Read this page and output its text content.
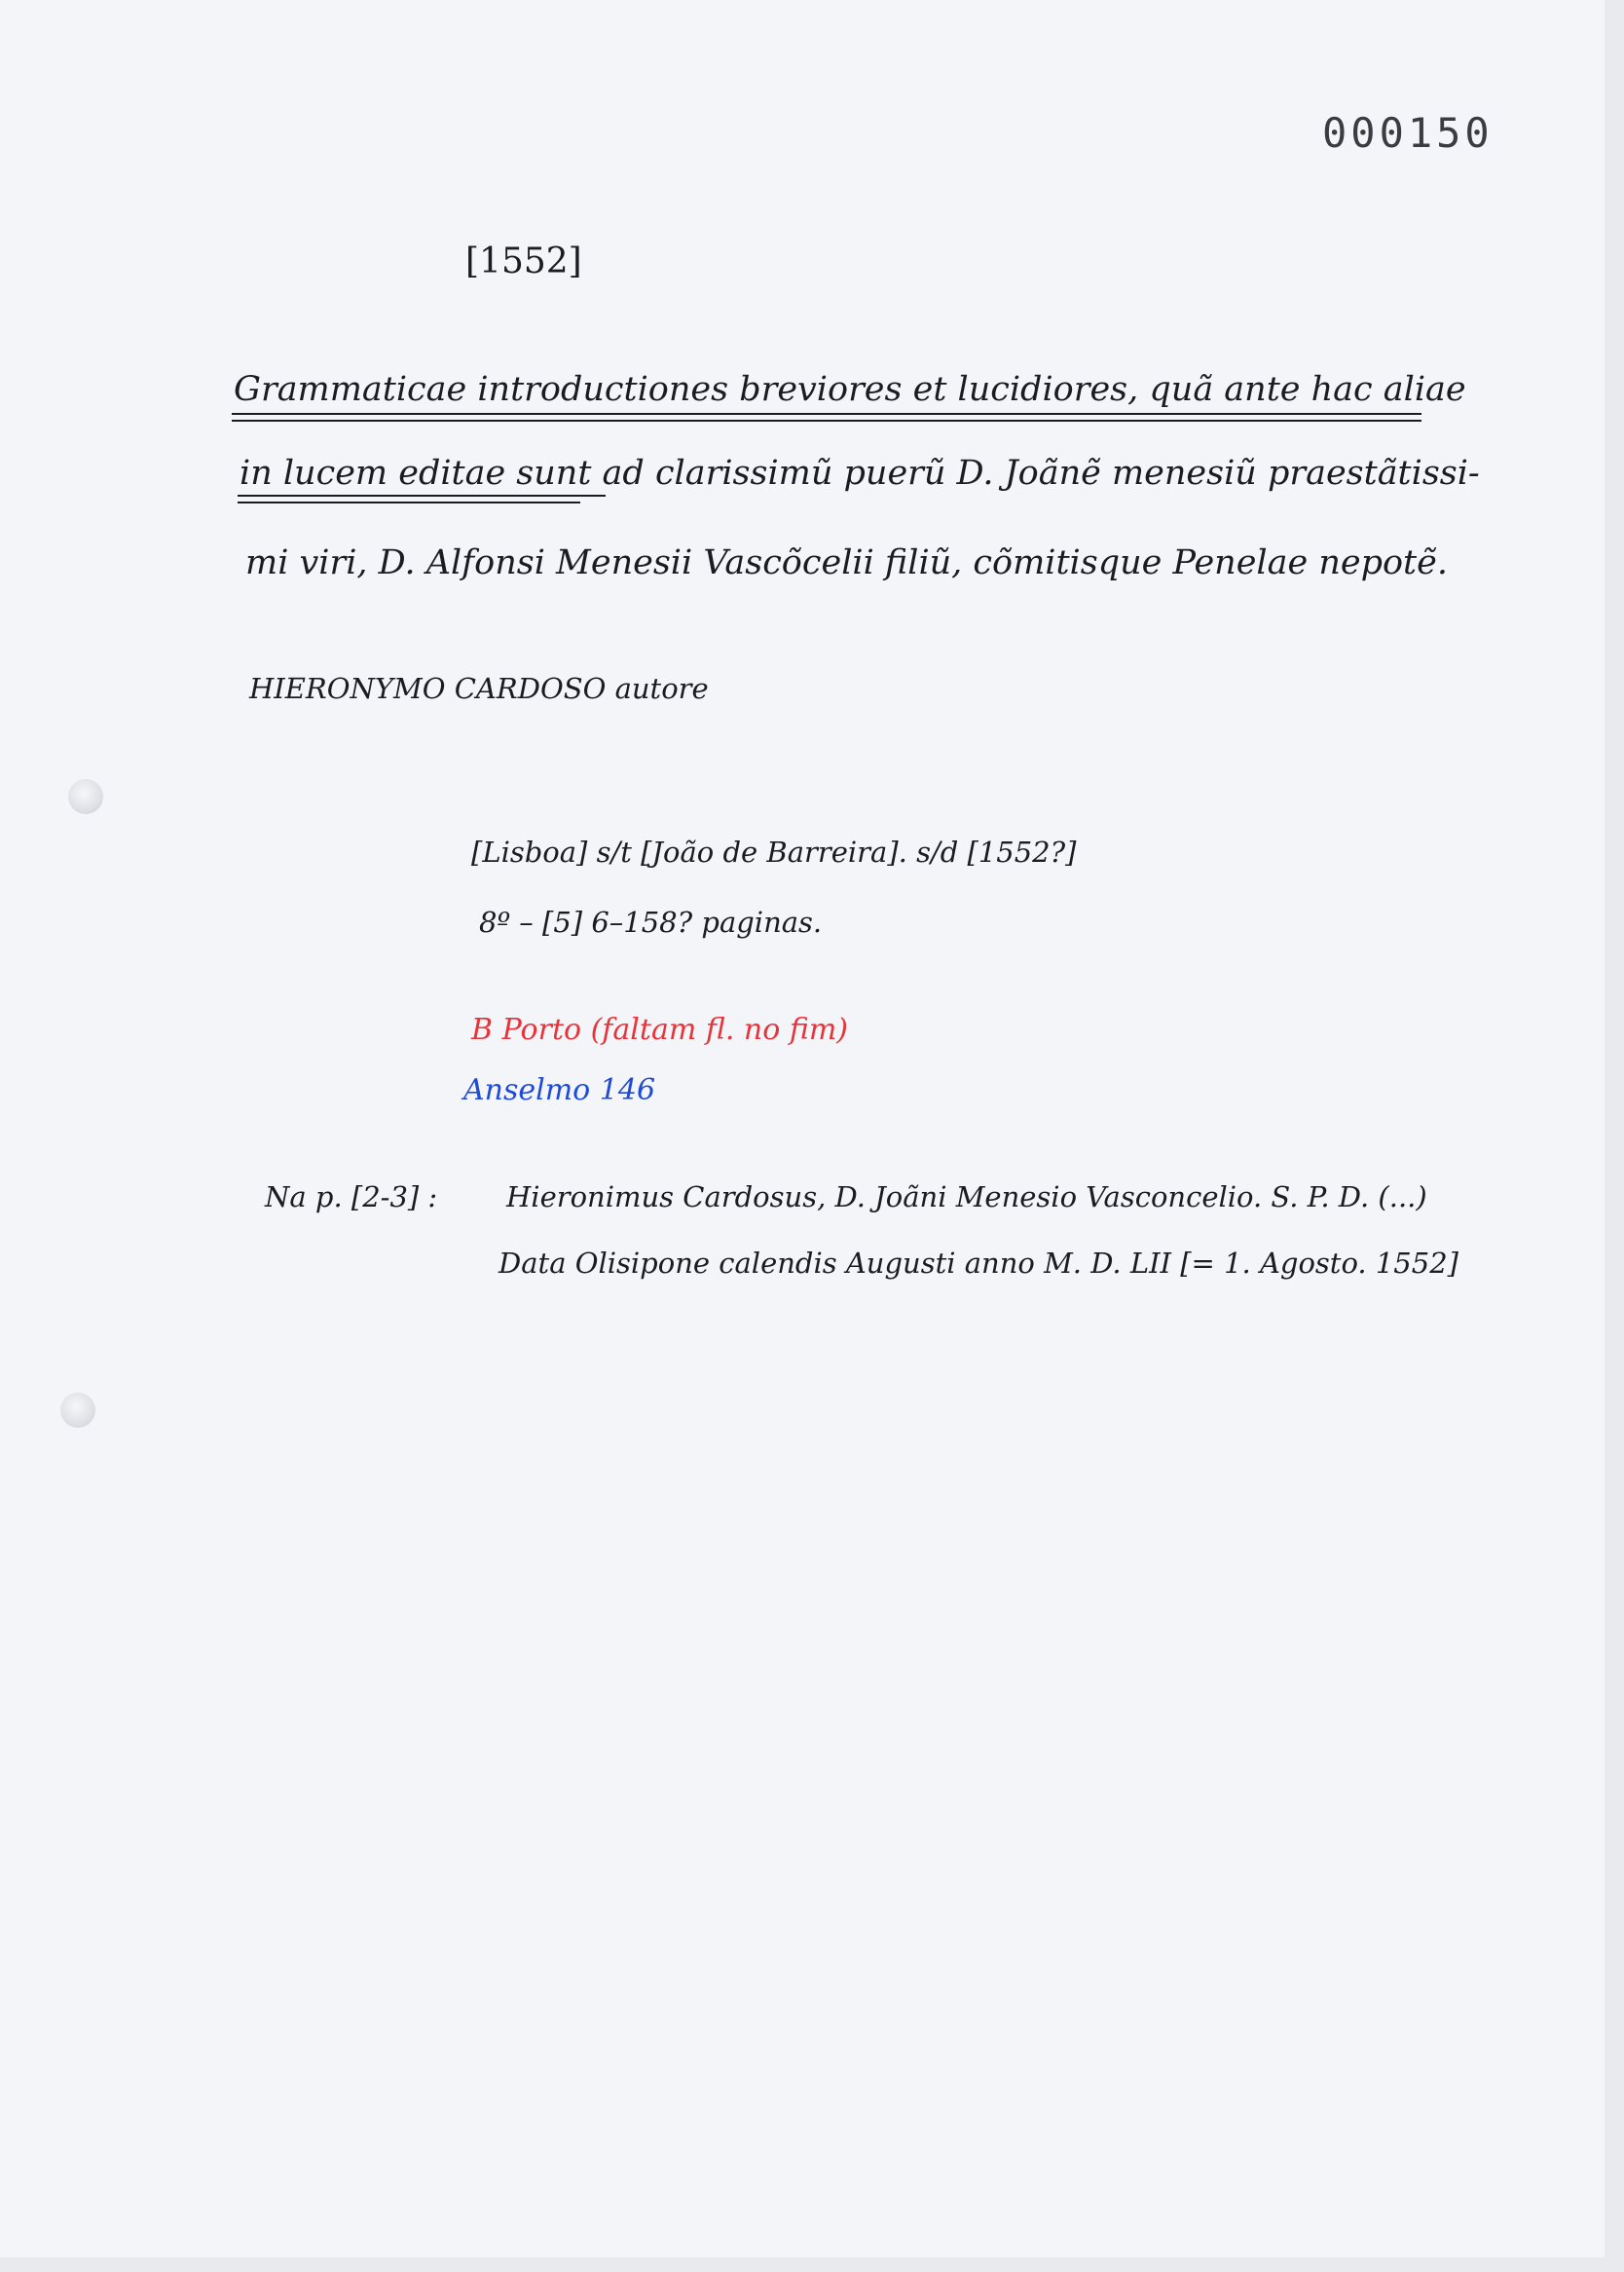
000150
[1552]
Grammaticae introductiones breviores et lucidiores, quã ante hac aliae
in lucem editae sunt ad clarissimũ puerũ D. Joãnẽ menesiũ praestãtissi-
mi viri, D. Alfonsi Menesii Vascõcelii filiũ, cõmitisque Penelae nepotẽ.
HIERONYMO CARDOSO autore
[Lisboa] s/t [João de Barreira]. s/d [1552?]
8º – [5] 6–158? paginas.
B Porto (faltam fl. no fim)
Anselmo 146
Na p. [2-3] : Hieronimus Cardosus, D. Joãni Menesio Vasconcelio. S. P. D. (...)
Data Olisipone calendis Augusti anno M. D. LII [= 1. Agosto. 1552]
